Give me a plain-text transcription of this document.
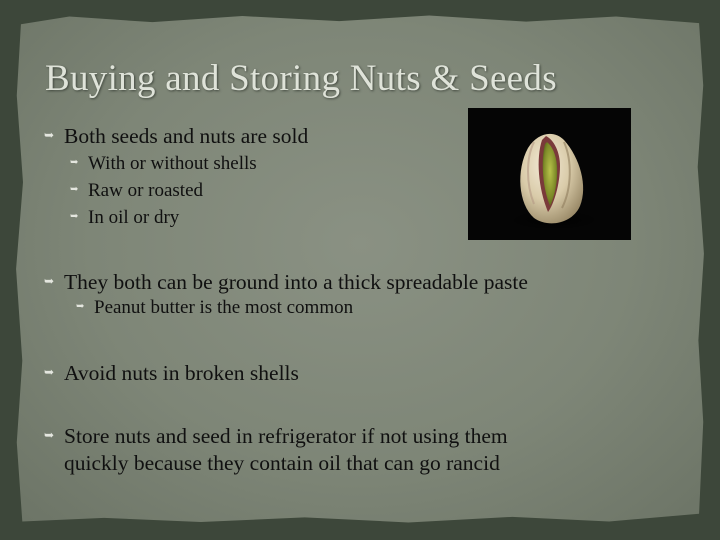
Buying and Storing Nuts & Seeds
➥ Both seeds and nuts are sold
➥ With or without shells
➥ Raw or roasted
➥ In oil or dry
➥ They both can be ground into a thick spreadable paste
➥ Peanut butter is the most common
➥ Avoid nuts in broken shells
➥ Store nuts and seed in refrigerator if not using them
quickly because they contain oil that can go rancid
